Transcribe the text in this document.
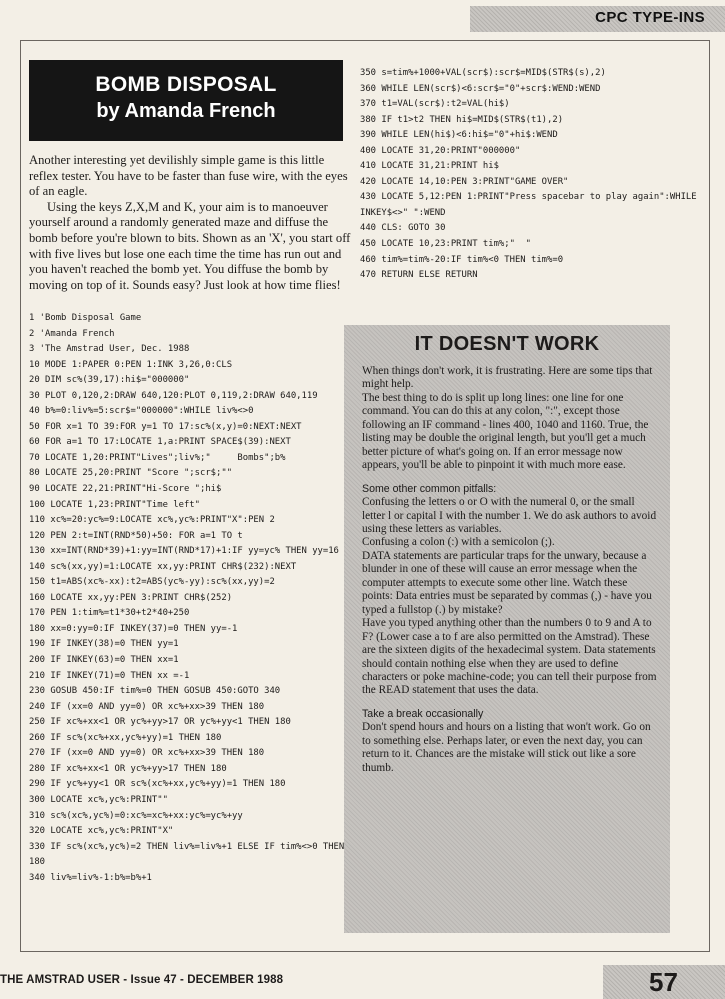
CPC TYPE-INS
BOMB DISPOSAL
by Amanda French

Another interesting yet devilishly simple game is this little reflex tester. You have to be faster than fuse wire, with the eyes of an eagle.

Using the keys Z,X,M and K, your aim is to manoeuver yourself around a randomly generated maze and diffuse the bomb before you're blown to bits. Shown as an 'X', you start off with five lives but lose one each time the time has run out and you haven't reached the bomb yet. You diffuse the bomb by moving on top of it. Sounds easy? Just look at how time flies!

1 'Bomb Disposal Game
2 'Amanda French
3 'The Amstrad User, Dec. 1988
10 MODE 1:PAPER 0:PEN 1:INK 3,26,0:CLS
20 DIM sc%(39,17):hi$="000000"
30 PLOT 0,120,2:DRAW 640,120:PLOT 0,119,2:DRAW 640,119
40 b%=0:liv%=5:scr$="000000":WHILE liv%<>0
50 FOR x=1 TO 39:FOR y=1 TO 17:sc%(x,y)=0:NEXT:NEXT
60 FOR a=1 TO 17:LOCATE 1,a:PRINT SPACE$(39):NEXT
70 LOCATE 1,20:PRINT"Lives";liv%;"     Bombs";b%
80 LOCATE 25,20:PRINT "Score ";scr$;""
90 LOCATE 22,21:PRINT"Hi-Score ";hi$
100 LOCATE 1,23:PRINT"Time left"
110 xc%=20:yc%=9:LOCATE xc%,yc%:PRINT"X":PEN 2
120 PEN 2:t=INT(RND*50)+50: FOR a=1 TO t
130 xx=INT(RND*39)+1:yy=INT(RND*17)+1:IF yy=yc% THEN yy=16
140 sc%(xx,yy)=1:LOCATE xx,yy:PRINT CHR$(232):NEXT
150 t1=ABS(xc%-xx):t2=ABS(yc%-yy):sc%(xx,yy)=2
160 LOCATE xx,yy:PEN 3:PRINT CHR$(252)
170 PEN 1:tim%=t1*30+t2*40+250
180 xx=0:yy=0:IF INKEY(37)=0 THEN yy=-1
190 IF INKEY(38)=0 THEN yy=1
200 IF INKEY(63)=0 THEN xx=1
210 IF INKEY(71)=0 THEN xx =-1
230 GOSUB 450:IF tim%=0 THEN GOSUB 450:GOTO 340
240 IF (xx=0 AND yy=0) OR xc%+xx>39 THEN 180
250 IF xc%+xx<1 OR yc%+yy>17 OR yc%+yy<1 THEN 180
260 IF sc%(xc%+xx,yc%+yy)=1 THEN 180
270 IF (xx=0 AND yy=0) OR xc%+xx>39 THEN 180
280 IF xc%+xx<1 OR yc%+yy>17 THEN 180
290 IF yc%+yy<1 OR sc%(xc%+xx,yc%+yy)=1 THEN 180
300 LOCATE xc%,yc%:PRINT""
310 sc%(xc%,yc%)=0:xc%=xc%+xx:yc%=yc%+yy
320 LOCATE xc%,yc%:PRINT"X"
330 IF sc%(xc%,yc%)=2 THEN liv%=liv%+1 ELSE IF tim%<>0 THEN 180
340 liv%=liv%-1:b%=b%+1
350 s=tim%+1000+VAL(scr$):scr$=MID$(STR$(s),2)
360 WHILE LEN(scr$)<6:scr$="0"+scr$:WEND:WEND
370 t1=VAL(scr$):t2=VAL(hi$)
380 IF t1>t2 THEN hi$=MID$(STR$(t1),2)
390 WHILE LEN(hi$)<6:hi$="0"+hi$:WEND
400 LOCATE 31,20:PRINT"000000"
410 LOCATE 31,21:PRINT hi$
420 LOCATE 14,10:PEN 3:PRINT"GAME OVER"
430 LOCATE 5,12:PEN 1:PRINT"Press spacebar to play again":WHILE INKEY$<>" ":WEND
440 CLS: GOTO 30
450 LOCATE 10,23:PRINT tim%;"  "
460 tim%=tim%-20:IF tim%<0 THEN tim%=0
470 RETURN ELSE RETURN
IT DOESN'T WORK

When things don't work, it is frustrating. Here are some tips that might help.

The best thing to do is split up long lines: one line for one command. You can do this at any colon, ":", except those following an IF command - lines 400, 1040 and 1160. True, the listing may be double the original length, but you'll get a much better picture of what's going on. If an error message now appears, you'll be able to pinpoint it with much more ease.

Some other common pitfalls:

Confusing the letters o or O with the numeral 0, or the small letter l or capital I with the number 1. We do ask authors to avoid using these letters as variables.

Confusing a colon (:) with a semicolon (;).

DATA statements are particular traps for the unwary, because a blunder in one of these will cause an error message when the computer attempts to execute some other line. Watch these points: Data entries must be separated by commas (,) - have you typed a fullstop (.) by mistake?

Have you typed anything other than the numbers 0 to 9 and A to F? (Lower case a to f are also permitted on the Amstrad). These are the sixteen digits of the hexadecimal system. Data statements should contain nothing else when they are used to define characters or poke machine-code; you can tell their purpose from the READ statement that uses the data.

Take a break occasionally

Don't spend hours and hours on a listing that won't work. Go on to something else. Perhaps later, or even the next day, you can return to it. Chances are the mistake will stick out like a sore thumb.

THE AMSTRAD USER - Issue 47 - DECEMBER 1988	57
